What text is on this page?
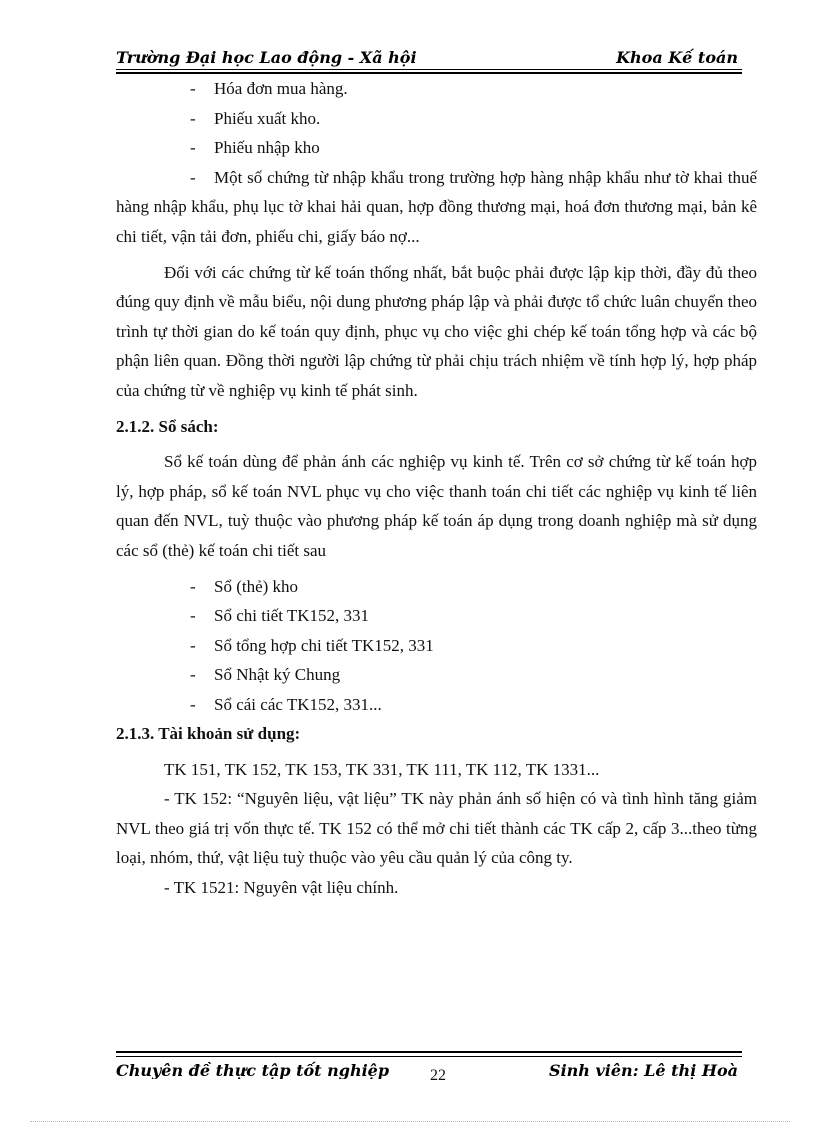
Trường Đại học Lao động - Xã hội	Khoa Kế toán

- Hóa đơn mua hàng.

- Phiếu xuất kho.

- Phiếu nhập kho

- Một số chứng từ nhập khẩu trong trường hợp hàng nhập khẩu như tờ khai thuế hàng nhập khẩu, phụ lục tờ khai hải quan, hợp đồng thương mại, hoá đơn thương mại, bản kê chi tiết, vận tải đơn, phiếu chi, giấy báo nợ...

Đối với các chứng từ kế toán thống nhất, bắt buộc phải được lập kịp thời, đầy đủ theo đúng quy định về mẫu biểu, nội dung phương pháp lập và phải được tổ chức luân chuyển theo trình tự thời gian do kế toán quy định, phục vụ cho việc ghi chép kế toán tổng hợp và các bộ phận liên quan. Đồng thời người lập chứng từ phải chịu trách nhiệm về tính hợp lý, hợp pháp của chứng từ về nghiệp vụ kinh tế phát sinh.

2.1.2. Sổ sách:

Sổ kế toán dùng để phản ánh các nghiệp vụ kinh tế. Trên cơ sở chứng từ kế toán hợp lý, hợp pháp, sổ kế toán NVL phục vụ cho việc thanh toán chi tiết các nghiệp vụ kinh tế liên quan đến NVL, tuỳ thuộc vào phương pháp kế toán áp dụng trong doanh nghiệp mà sử dụng các sổ (thẻ) kế toán chi tiết sau

- Sổ (thẻ) kho

- Sổ chi tiết TK152, 331

- Sổ tổng hợp chi tiết TK152, 331

- Sổ Nhật ký Chung

- Sổ cái các TK152, 331...

2.1.3. Tài khoản sử dụng:

TK 151, TK 152, TK 153, TK 331, TK 111, TK 112, TK 1331...

- TK 152: “Nguyên liệu, vật liệu” TK này phản ánh số hiện có và tình hình tăng giảm NVL theo giá trị vốn thực tế. TK 152 có thể mở chi tiết thành các TK cấp 2, cấp 3...theo từng loại, nhóm, thứ, vật liệu tuỳ thuộc vào yêu cầu quản lý của công ty.

- TK 1521: Nguyên vật liệu chính.

Chuyên đề thực tập tốt nghiệp	Sinh viên: Lê thị Hoà
22
